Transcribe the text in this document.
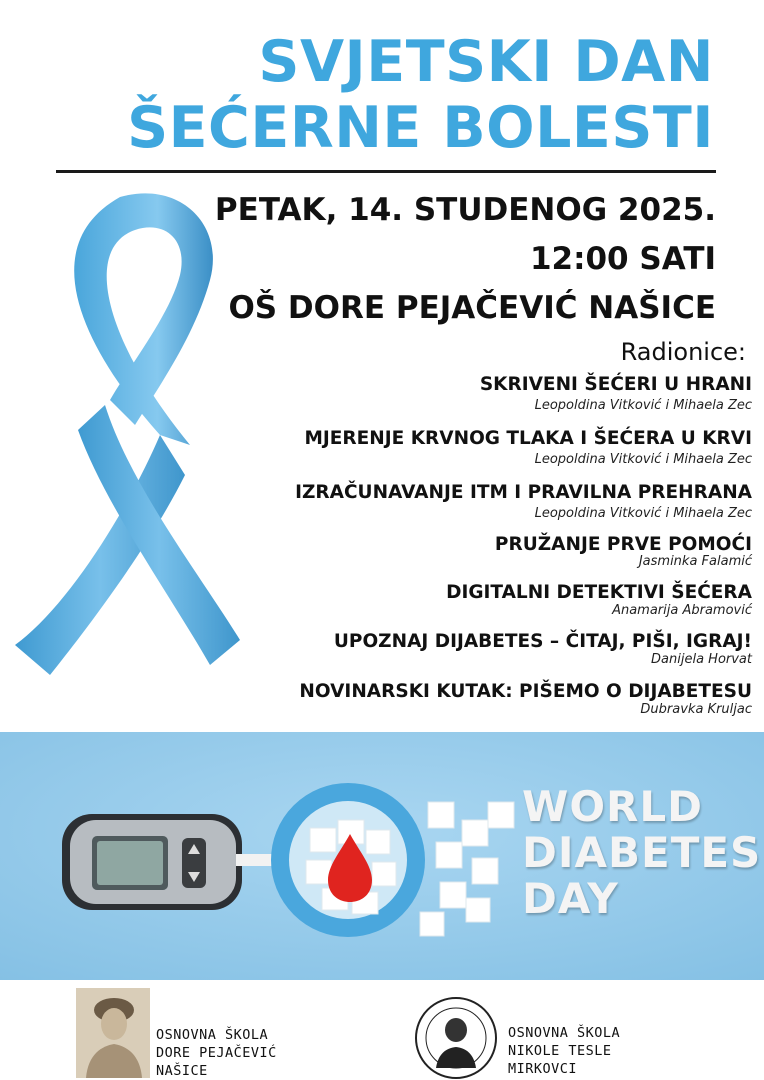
SVJETSKI DAN
ŠEĆERNE BOLESTI
PETAK, 14. STUDENOG 2025.
12:00 SATI
OŠ DORE PEJAČEVIĆ NAŠICE
Radionice:
SKRIVENI ŠEĆERI U HRANI
Leopoldina Vitković i Mihaela Zec
MJERENJE KRVNOG TLAKA I ŠEĆERA U KRVI
Leopoldina Vitković i Mihaela Zec
IZRAČUNAVANJE ITM I PRAVILNA PREHRANA
Leopoldina Vitković i Mihaela Zec
PRUŽANJE PRVE POMOĆI
Jasminka Falamić
DIGITALNI DETEKTIVI ŠEĆERA
Anamarija Abramović
UPOZNAJ DIJABETES – ČITAJ, PIŠI, IGRAJ!
Danijela Horvat
NOVINARSKI KUTAK: PIŠEMO O DIJABETESU
Dubravka Kruljac
WORLD
DIABETES
DAY
OSNOVNA ŠKOLA
DORE PEJAČEVIĆ
NAŠICE
OSNOVNA ŠKOLA
NIKOLE TESLE
MIRKOVCI
